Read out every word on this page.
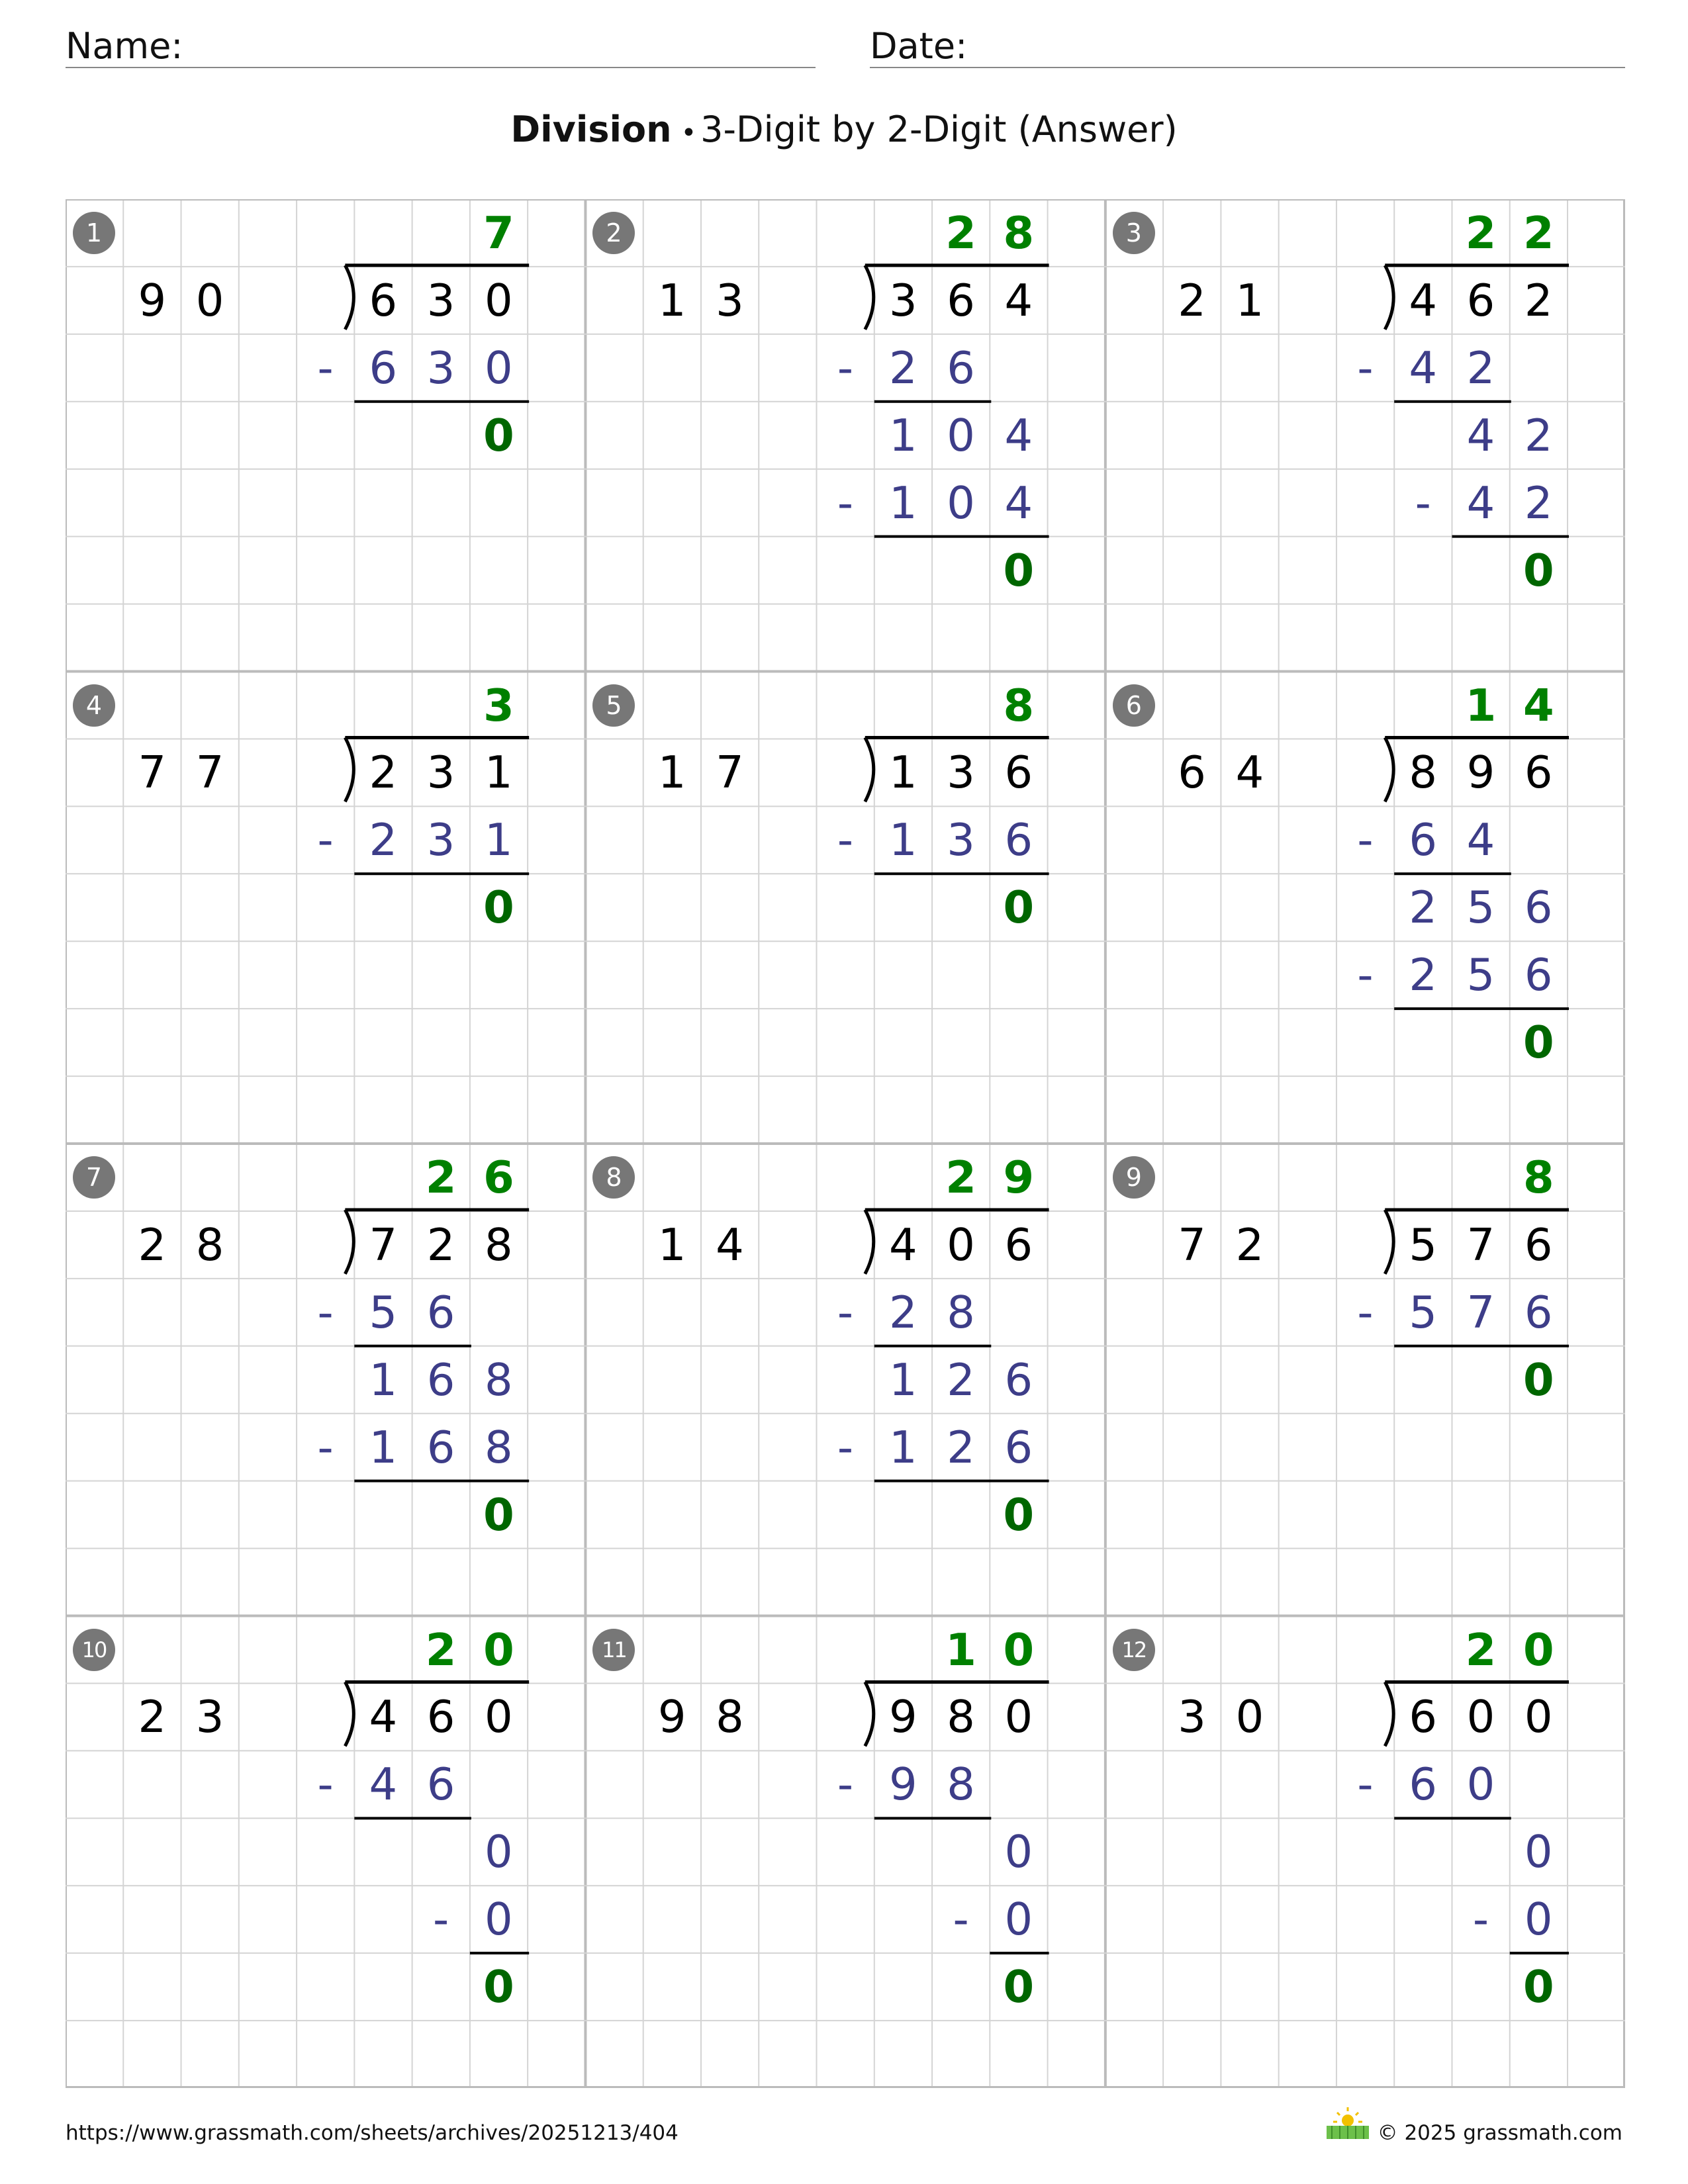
Name:	Date:
Division • 3-Digit by 2-Digit (Answer)
1	7
9 0	6 3 0
6 3 0
-
0
2	2 8
1 3	3 6 4
2 6
-
1 0 4
1 0 4
-
0
3	2 2
2 1	4 6 2
4 2
-
4 2
4 2
-
0
4	3
7 7	2 3 1
2 3 1
-
0
5	8
1 7	1 3 6
1 3 6
-
0
6	1 4
6 4	8 9 6
6 4
-
2 5 6
2 5 6
-
0
7	2 6
2 8	7 2 8
5 6
-
1 6 8
1 6 8
-
0
8	2 9
1 4	4 0 6
2 8
-
1 2 6
1 2 6
-
0
9	8
7 2	5 7 6
5 7 6
-
0
10	2 0
2 3	4 6 0
4 6
-
0
0
-
0
11	1 0
9 8	9 8 0
9 8
-
0
0
-
0
12	2 0
3 0	6 0 0
6 0
-
0
0
-
0
https://www.grassmath.com/sheets/archives/20251213/404	© 2025 grassmath.com
